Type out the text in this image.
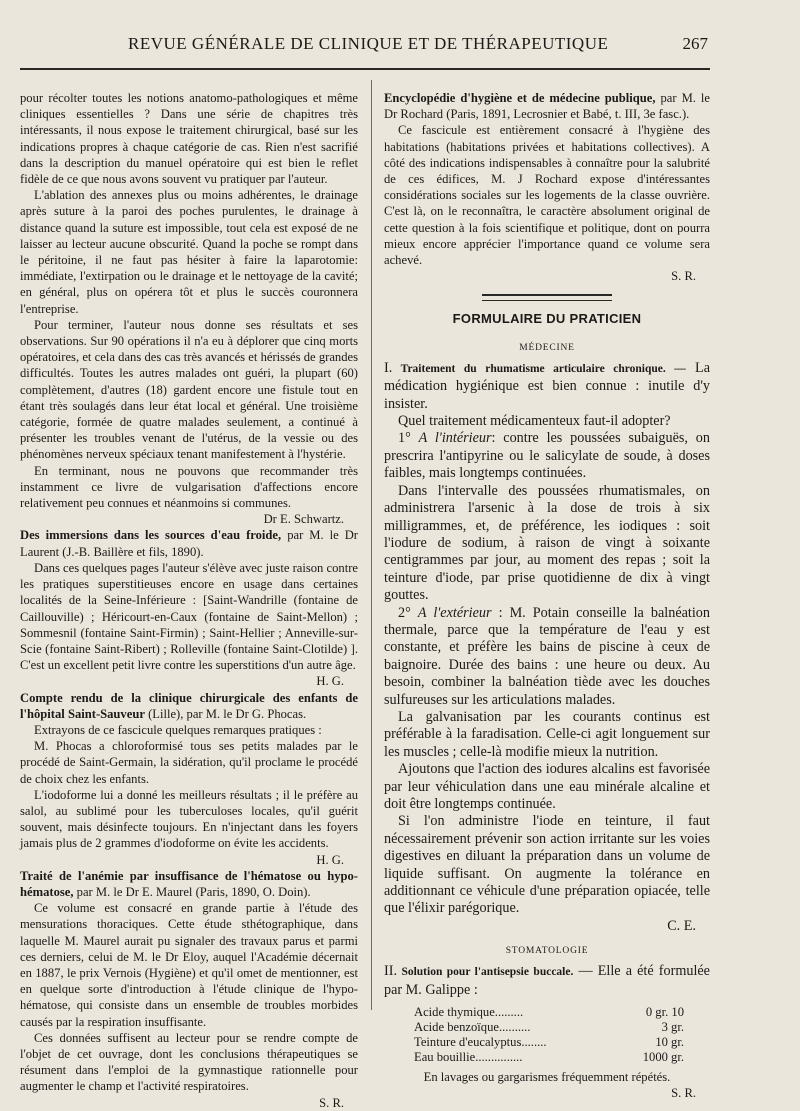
REVUE GÉNÉRALE DE CLINIQUE ET DE THÉRAPEUTIQUE	267

pour récolter toutes les notions anatomo-pathologiques et même cliniques essentielles ? Dans une série de chapitres très intéressants, il nous expose le traitement chirurgical, basé sur les indications propres à chaque catégorie de cas. Rien n'est sacrifié dans la description du manuel opératoire qui est bien le reflet fidèle de ce que nous avons souvent vu pratiquer par l'auteur.

L'ablation des annexes plus ou moins adhérentes, le drainage après suture à la paroi des poches purulentes, le drainage à distance quand la suture est impossible, tout cela est exposé de ne laisser au lecteur aucune obscurité. Quand la poche se rompt dans le péritoine, il ne faut pas hésiter à faire la laparotomie: immédiate, l'extirpation ou le drainage et le nettoyage de la cavité; en général, plus on opérera tôt et plus le succès couronnera l'entreprise.

Pour terminer, l'auteur nous donne ses résultats et ses observations. Sur 90 opérations il n'a eu à déplorer que cinq morts opératoires, et cela dans des cas très avancés et hérissés de grandes difficultés. Toutes les autres malades ont guéri, la plupart (60) complètement, d'autres (18) gardent encore une fistule tout en étant très soulagés dans leur état local et général. Une troisième catégorie, formée de quatre malades seulement, a continué à présenter les troubles venant de l'utérus, de la vessie ou des phénomènes nerveux spéciaux tenant manifestement à l'hystérie.

En terminant, nous ne pouvons que recommander très instamment ce livre de vulgarisation d'affections encore relativement peu connues et néanmoins si communes.

Dr E. Schwartz.

Des immersions dans les sources d'eau froide, par M. le Dr Laurent (J.-B. Baillère et fils, 1890).

Dans ces quelques pages l'auteur s'élève avec juste raison contre les pratiques superstitieuses encore en usage dans certaines localités de la Seine-Inférieure : [Saint-Wandrille (fontaine de Caillouville) ; Héricourt-en-Caux (fontaine de Saint-Mellon) ; Sommesnil (fontaine Saint-Firmin) ; Saint-Hellier ; Anneville-sur-Scie (fontaine Saint-Ribert) ; Rolleville (fontaine Saint-Clotilde) ]. C'est un excellent petit livre contre les superstitions d'un autre âge.

H. G.

Compte rendu de la clinique chirurgicale des enfants de l'hôpital Saint-Sauveur (Lille), par M. le Dr G. Phocas.

Extrayons de ce fascicule quelques remarques pratiques :

M. Phocas a chloroformisé tous ses petits malades par le procédé de Saint-Germain, la sidération, qu'il proclame le procédé de choix chez les enfants.

L'iodoforme lui a donné les meilleurs résultats ; il le préfère au salol, au sublimé pour les tuberculoses locales, qu'il guérit souvent, mais désinfecte toujours. En n'injectant dans les foyers jamais plus de 2 grammes d'iodoforme on évite les accidents.

H. G.

Traité de l'anémie par insuffisance de l'hématose ou hypo-hématose, par M. le Dr E. Maurel (Paris, 1890, O. Doin).

Ce volume est consacré en grande partie à l'étude des mensurations thoraciques. Cette étude sthétographique, dans laquelle M. Maurel aurait pu signaler des travaux parus et parmi ces derniers, celui de M. le Dr Eloy, auquel l'Académie décernait en 1887, le prix Vernois (Hygiène) et qu'il omet de mentionner, est en quelque sorte d'introduction à l'étude clinique de l'hypo-hématose, qui consiste dans un ensemble de troubles morbides causés par la respiration insuffisante.

Ces données suffisent au lecteur pour se rendre compte de l'objet de cet ouvrage, dont les conclusions thérapeutiques se résument dans l'emploi de la gymnastique rationnelle pour augmenter le champ et l'activité respiratoires.

S. R.

Encyclopédie d'hygiène et de médecine publique, par M. le Dr Rochard (Paris, 1891, Lecrosnier et Babé, t. III, 3e fasc.).

Ce fascicule est entièrement consacré à l'hygiène des habitations (habitations privées et habitations collectives). A côté des indications indispensables à connaître pour la salubrité de ces édifices, M. J Rochard expose d'intéressantes considérations sociales sur les logements de la classe ouvrière. C'est là, on le reconnaîtra, le caractère absolument original de cette question à la fois scientifique et politique, dont on pourra mieux encore apprécier l'importance quand ce volume sera achevé.

S. R.

FORMULAIRE DU PRATICIEN
MÉDECINE

I. Traitement du rhumatisme articulaire chronique. — La médication hygiénique est bien connue : inutile d'y insister.

Quel traitement médicamenteux faut-il adopter?

1° A l'intérieur: contre les poussées subaiguës, on prescrira l'antipyrine ou le salicylate de soude, à doses faibles, mais longtemps continuées.

Dans l'intervalle des poussées rhumatismales, on administrera l'arsenic à la dose de trois à six milligrammes, et, de préférence, les iodiques : soit l'iodure de sodium, à raison de vingt à soixante centigrammes par jour, au moment des repas ; soit la teinture d'iode, par prise quotidienne de dix à vingt gouttes.

2° A l'extérieur : M. Potain conseille la balnéation thermale, parce que la température de l'eau y est constante, et préfère les bains de piscine à ceux de baignoire. Durée des bains : une heure ou deux. Au besoin, combiner la balnéation tiède avec les douches sulfureuses sur les articulations malades.

La galvanisation par les courants continus est préférable à la faradisation. Celle-ci agit longuement sur les muscles ; celle-là modifie mieux la nutrition.

Ajoutons que l'action des iodures alcalins est favorisée par leur véhiculation dans une eau minérale alcaline et doit être longtemps continuée.

Si l'on administre l'iode en teinture, il faut nécessairement prévenir son action irritante sur les voies digestives en diluant la préparation dans un volume de liquide suffisant. On augmente la tolérance en additionnant ce véhicule d'une préparation opiacée, telle que l'élixir parégorique.

C. E.

STOMATOLOGIE

II. Solution pour l'antisepsie buccale. — Elle a été formulée par M. Galippe :

Acide thymique.........	0 gr. 10
Acide benzoïque..........	3 gr.
Teinture d'eucalyptus........	10 gr.
Eau bouillie...............	1000 gr.

En lavages ou gargarismes fréquemment répétés.

S. R.
